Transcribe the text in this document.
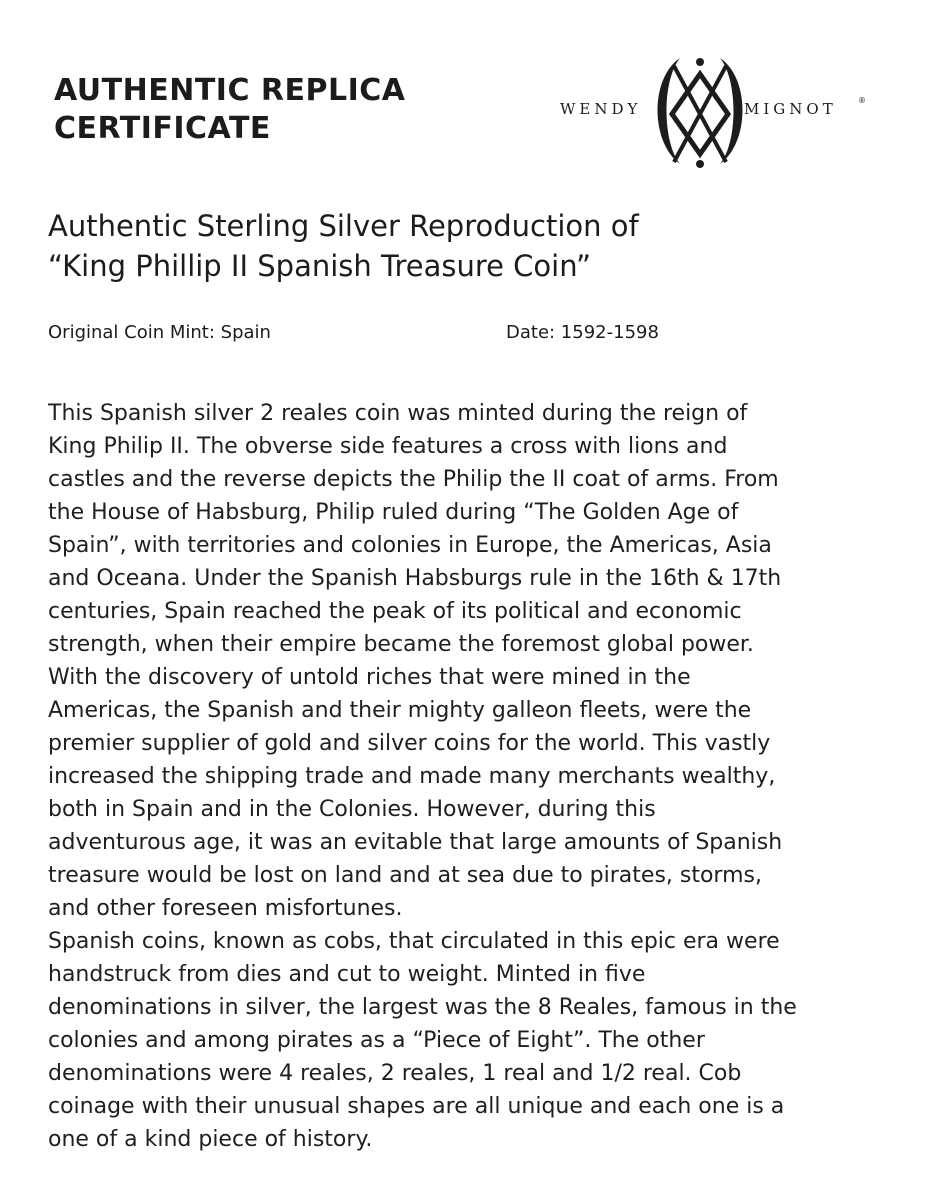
AUTHENTIC REPLICA
CERTIFICATE
WENDY	MIGNOT	®
Authentic Sterling Silver Reproduction of
“King Phillip II Spanish Treasure Coin”
Original Coin Mint: Spain	Date: 1592-1598
This Spanish silver 2 reales coin was minted during the reign of
King Philip II. The obverse side features a cross with lions and
castles and the reverse depicts the Philip the II coat of arms. From
the House of Habsburg, Philip ruled during “The Golden Age of
Spain”, with territories and colonies in Europe, the Americas, Asia
and Oceana. Under the Spanish Habsburgs rule in the 16th & 17th
centuries, Spain reached the peak of its political and economic
strength, when their empire became the foremost global power.
With the discovery of untold riches that were mined in the
Americas, the Spanish and their mighty galleon fleets, were the
premier supplier of gold and silver coins for the world. This vastly
increased the shipping trade and made many merchants wealthy,
both in Spain and in the Colonies. However, during this
adventurous age, it was an evitable that large amounts of Spanish
treasure would be lost on land and at sea due to pirates, storms,
and other foreseen misfortunes.
Spanish coins, known as cobs, that circulated in this epic era were
handstruck from dies and cut to weight. Minted in five
denominations in silver, the largest was the 8 Reales, famous in the
colonies and among pirates as a “Piece of Eight”. The other
denominations were 4 reales, 2 reales, 1 real and 1/2 real. Cob
coinage with their unusual shapes are all unique and each one is a
one of a kind piece of history.
